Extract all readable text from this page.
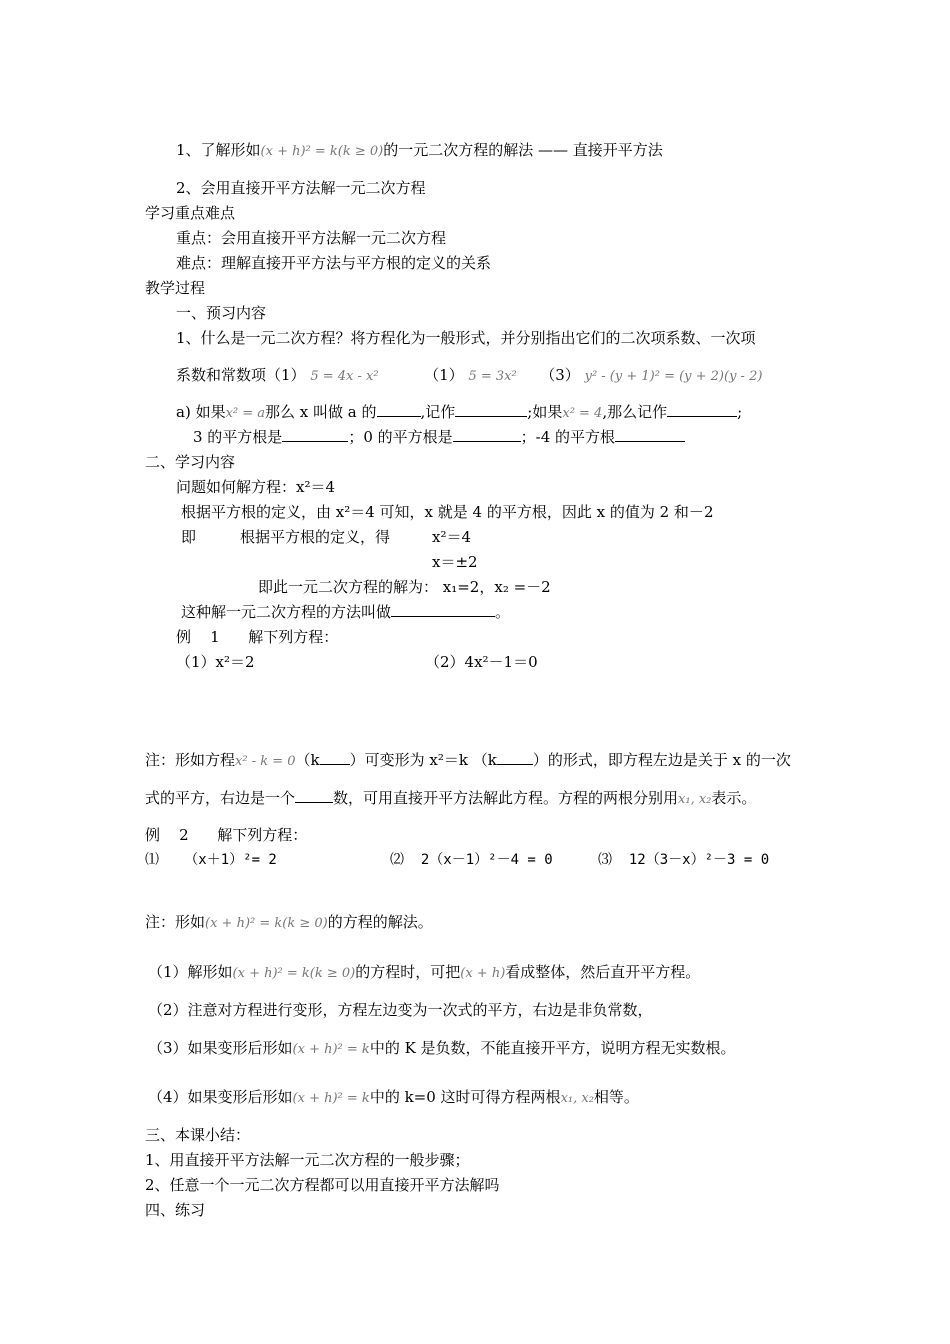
1、了解形如(x + h)² = k(k ≥ 0)的一元二次方程的解法 —— 直接开平方法
2、会用直接开平方法解一元二次方程
学习重点难点
重点：会用直接开平方法解一元二次方程
难点：理解直接开平方法与平方根的定义的关系
教学过程
一、预习内容
1、什么是一元二次方程？将方程化为一般形式，并分别指出它们的二次项系数、一次项
系数和常数项（1） 5 = 4x - x²	（1） 5 = 3x² （3） y² - (y + 1)² = (y + 2)(y - 2)
a) 如果x² = a那么 x 叫做 a 的	,记作	;如果x² = 4,那么记作	;
3 的平方根是	；0 的平方根是	；-4 的平方根
二、学习内容
问题如何解方程：x²＝4
根据平方根的定义，由 x²＝4 可知，x 就是 4 的平方根，因此 x 的值为 2 和－2
即	根据平方根的定义，得	x²＝4
x＝±2
即此一元二次方程的解为： x₁=2，x₂ =－2
这种解一元二次方程的方法叫做	。
例    1      解下列方程：
（1）x²＝2	（2）4x²－1＝0
注：形如方程x² - k = 0（k ）可变形为 x²＝k （k ）的形式，即方程左边是关于 x 的一次
式的平方，右边是一个	数，可用直接开平方法解此方程。方程的两根分别用x₁, x₂表示。
例    2      解下列方程：
⑴   （x＋1）²= 2	⑵  2（x－1）²－4 = 0	⑶  12（3－x）²－3 = 0
注：形如(x + h)² = k(k ≥ 0)的方程的解法。
（1）解形如(x + h)² = k(k ≥ 0)的方程时，可把(x + h)看成整体，然后直开平方程。
（2）注意对方程进行变形，方程左边变为一次式的平方，右边是非负常数，
（3）如果变形后形如(x + h)² = k中的 K 是负数，不能直接开平方，说明方程无实数根。
（4）如果变形后形如(x + h)² = k中的 k=0 这时可得方程两根x₁, x₂相等。
三、本课小结：
1、用直接开平方法解一元二次方程的一般步骤；
2、任意一个一元二次方程都可以用直接开平方法解吗
四、练习
